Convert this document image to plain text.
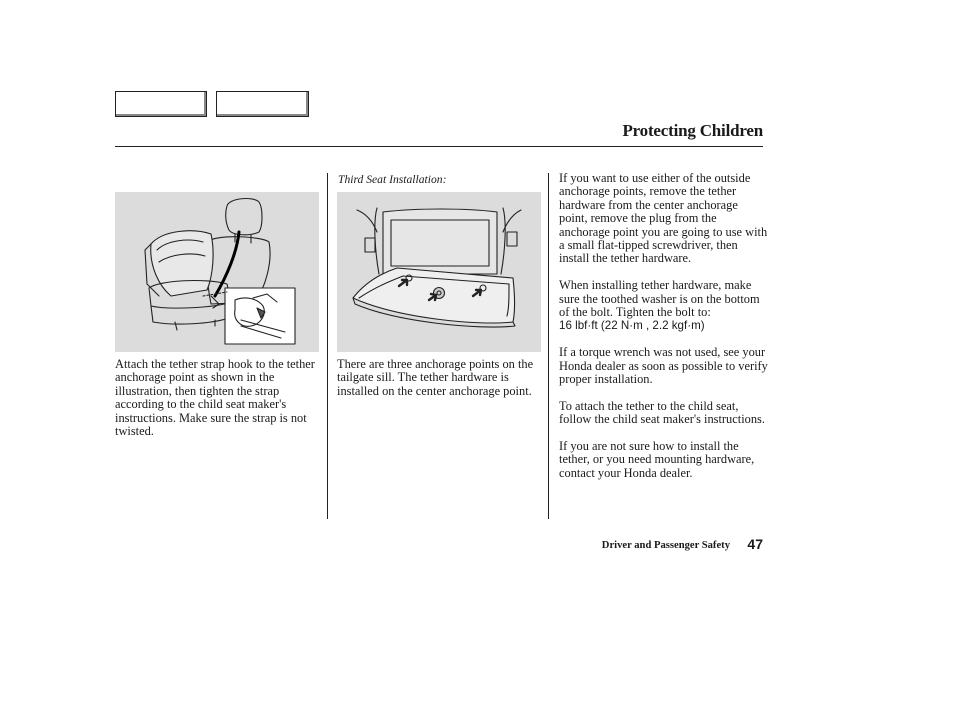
Protecting Children
Attach the tether strap hook to the tether anchorage point as shown in the illustration, then tighten the strap according to the child seat maker's instructions. Make sure the strap is not twisted.
Third Seat Installation:
There are three anchorage points on the tailgate sill. The tether hardware is installed on the center anchorage point.

If you want to use either of the outside anchorage points, remove the tether hardware from the center anchorage point, remove the plug from the anchorage point you are going to use with a small flat-tipped screwdriver, then install the tether hardware.

When installing tether hardware, make sure the toothed washer is on the bottom of the bolt. Tighten the bolt to:
16 lbf·ft (22 N·m , 2.2 kgf·m)

If a torque wrench was not used, see your Honda dealer as soon as possible to verify proper installation.

To attach the tether to the child seat, follow the child seat maker's instructions.

If you are not sure how to install the tether, or you need mounting hardware, contact your Honda dealer.

Driver and Passenger Safety 47
